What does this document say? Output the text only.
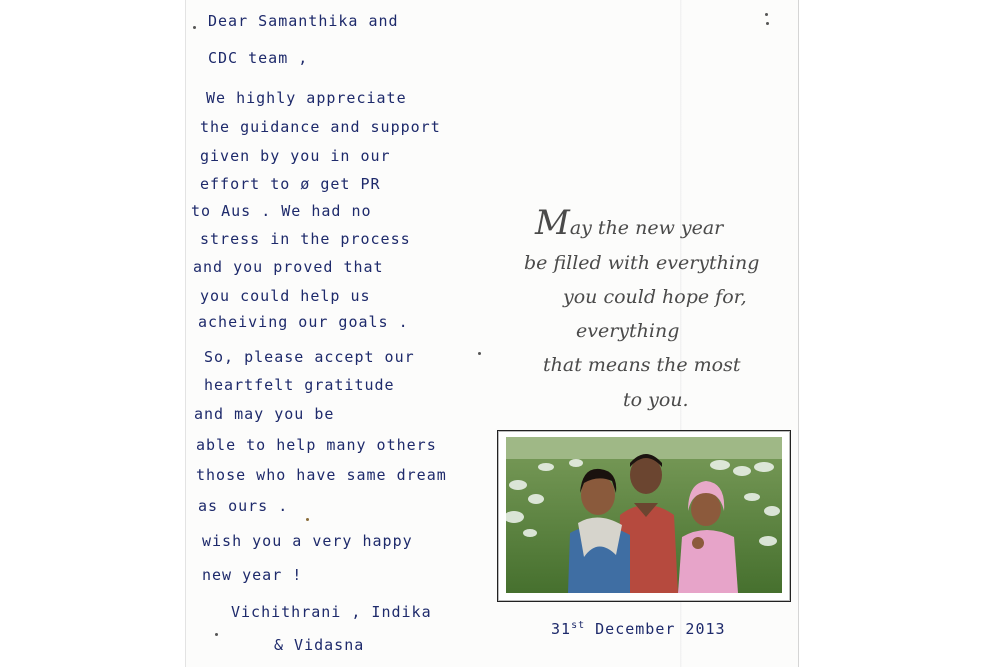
Dear Samanthika and

CDC team ,

We highly appreciate

the guidance and support

given by you in our

effort to ø get PR

to Aus . We had no

stress in the process

and you proved that

you could help us

acheiving our goals .

So, please accept our

heartfelt gratitude

and may you be

able to help many others

those who have same dream

as ours .

wish you a very happy

new year !

Vichithrani , Indika

& Vidasna

May the new year

be filled with everything

you could hope for,

everything

that means the most

to you.

31st December 2013
